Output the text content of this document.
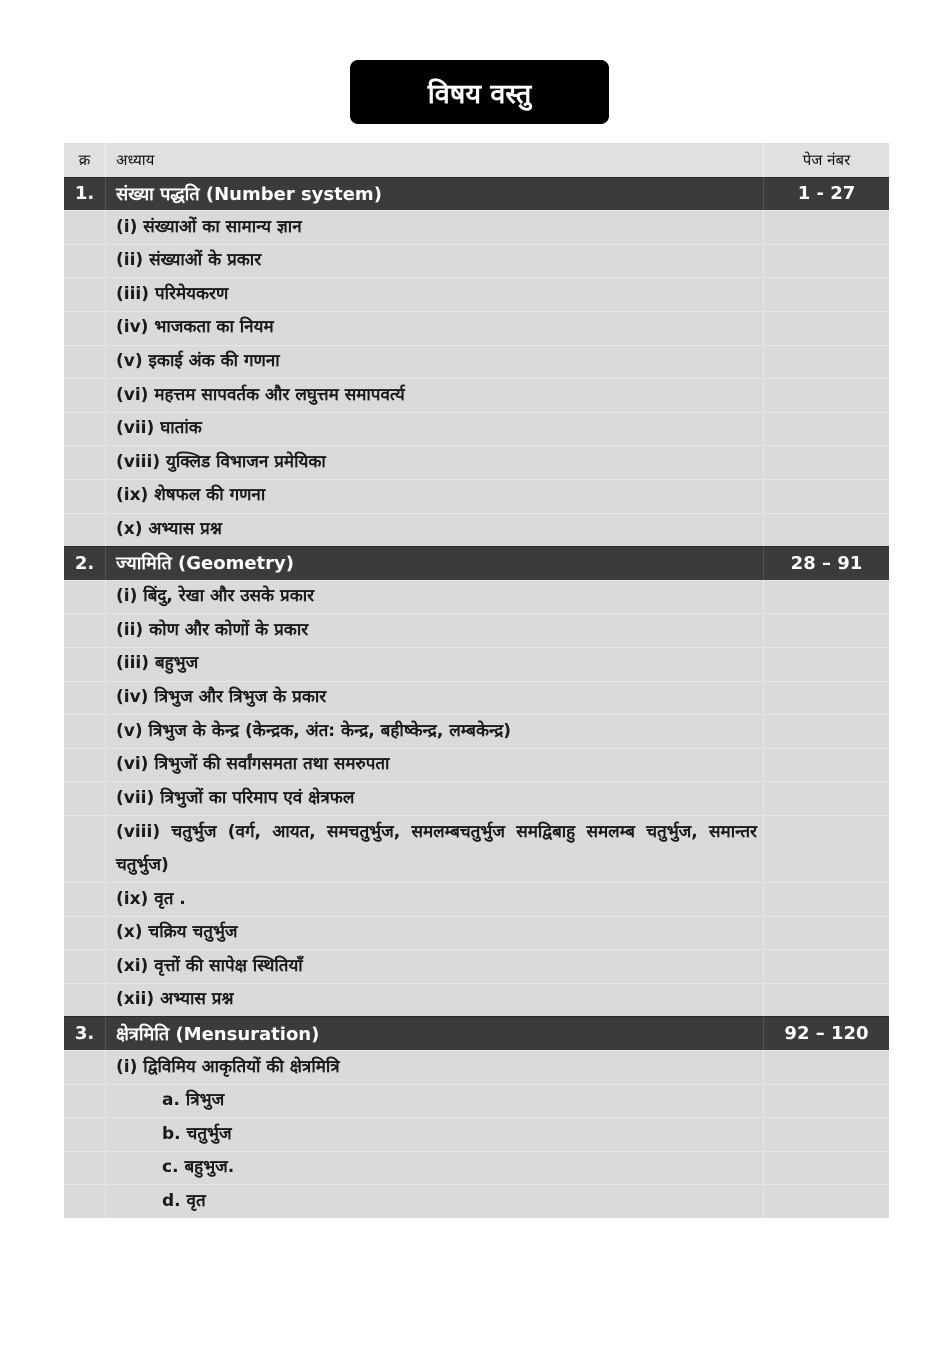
विषय वस्तु
क्र	अध्याय	पेज नंबर
1.	संख्या पद्धति (Number system)	1 - 27
(i) संख्याओं का सामान्य ज्ञान
(ii) संख्याओं के प्रकार
(iii) परिमेयकरण
(iv) भाजकता का नियम
(v) इकाई अंक की गणना
(vi) महत्तम सापवर्तक और लघुत्तम समापवर्त्य
(vii) घातांक
(viii) युक्लिड विभाजन प्रमेयिका
(ix) शेषफल की गणना
(x) अभ्यास प्रश्न
2.	ज्यामिति (Geometry)	28 – 91
(i) बिंदु, रेखा और उसके प्रकार
(ii) कोण और कोणों के प्रकार
(iii) बहुभुज
(iv) त्रिभुज और त्रिभुज के प्रकार
(v) त्रिभुज के केन्द्र (केन्द्रक, अंत: केन्द्र, बहीष्केन्द्र, लम्बकेन्द्र)
(vi) त्रिभुजों की सर्वांगसमता तथा समरुपता
(vii) त्रिभुजों का परिमाप एवं क्षेत्रफल
(viii) चतुर्भुज (वर्ग, आयत, समचतुर्भुज, समलम्बचतुर्भुज समद्विबाहु समलम्ब चतुर्भुज, समान्तर चतुर्भुज)
(ix) वृत .
(x) चक्रिय चतुर्भुज
(xi) वृत्तों की सापेक्ष स्थितियाँ
(xii) अभ्यास प्रश्न
3.	क्षेत्रमिति (Mensuration)	92 – 120
(i) द्विविमिय आकृतियों की क्षेत्रमित्रि
a. त्रिभुज
b. चतुर्भुज
c. बहुभुज.
d. वृत
